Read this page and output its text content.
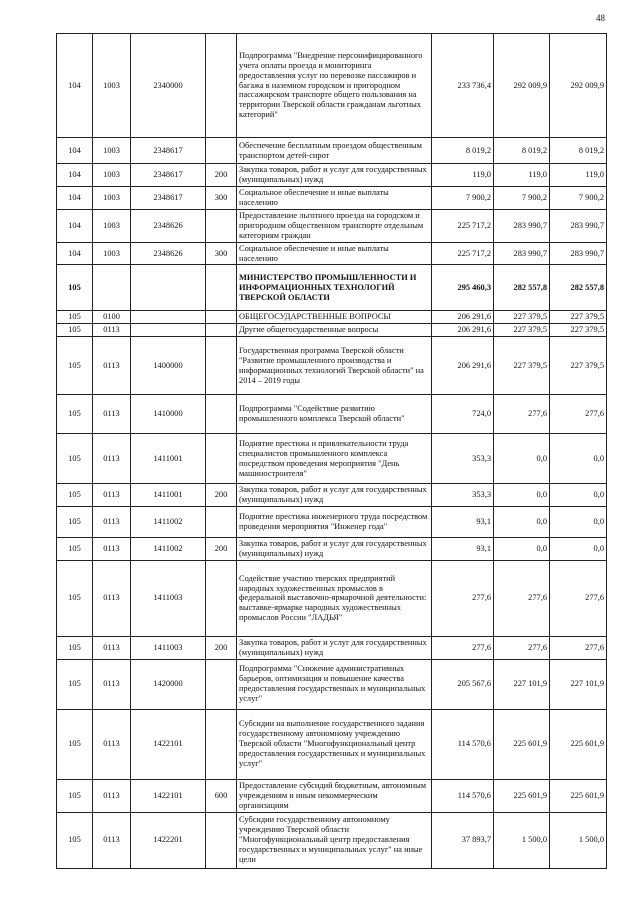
48
104	1003	2340000		Подпрограмма "Внедрение персонифицированного учета оплаты проезда и мониторинга предоставления услуг по перевозке пассажиров и багажа в наземном городском и пригородном пассажирском транспорте общего пользования на территории Тверской области гражданам льготных категорий"	233 736,4	292 009,9	292 009,9
104	1003	2348617		Обеспечение бесплатным проездом общественным транспортом детей-сирот	8 019,2	8 019,2	8 019,2
104	1003	2348617	200	Закупка товаров, работ и услуг для государственных (муниципальных) нужд	119,0	119,0	119,0
104	1003	2348617	300	Социальное обеспечение и иные выплаты населению	7 900,2	7 900,2	7 900,2
104	1003	2348626		Предоставление льготного проезда на городском и пригородном общественном транспорте отдельным категориям граждан	225 717,2	283 990,7	283 990,7
104	1003	2348626	300	Социальное обеспечение и иные выплаты населению	225 717,2	283 990,7	283 990,7
105				МИНИСТЕРСТВО ПРОМЫШЛЕННОСТИ И ИНФОРМАЦИОННЫХ ТЕХНОЛОГИЙ ТВЕРСКОЙ ОБЛАСТИ	295 460,3	282 557,8	282 557,8
105	0100			ОБЩЕГОСУДАРСТВЕННЫЕ ВОПРОСЫ	206 291,6	227 379,5	227 379,5
105	0113			Другие общегосударственные вопросы	206 291,6	227 379,5	227 379,5
105	0113	1400000		Государственная программа Тверской области "Развитие промышленного производства и информационных технологий Тверской области" на 2014 – 2019 годы	206 291,6	227 379,5	227 379,5
105	0113	1410000		Подпрограмма "Содействие развитию промышленного комплекса Тверской области"	724,0	277,6	277,6
105	0113	1411001		Поднятие престижа и привлекательности труда специалистов промышленного комплекса посредством проведения мероприятия "День машиностроителя"	353,3	0,0	0,0
105	0113	1411001	200	Закупка товаров, работ и услуг для государственных (муниципальных) нужд	353,3	0,0	0,0
105	0113	1411002		Поднятие престижа инженерного труда посредством проведения мероприятия "Инженер года"	93,1	0,0	0,0
105	0113	1411002	200	Закупка товаров, работ и услуг для государственных (муниципальных) нужд	93,1	0,0	0,0
105	0113	1411003		Содействие участию тверских предприятий народных художественных промыслов в федеральной выставочно-ярмарочной деятельности: выставке-ярмарке народных художественных промыслов России "ЛАДЬЯ"	277,6	277,6	277,6
105	0113	1411003	200	Закупка товаров, работ и услуг для государственных (муниципальных) нужд	277,6	277,6	277,6
105	0113	1420000		Подпрограмма "Снижение административных барьеров, оптимизация и повышение качества предоставления государственных и муниципальных услуг"	205 567,6	227 101,9	227 101,9
105	0113	1422101		Субсидии на выполнение государственного задания государственному автономному учреждению Тверской области "Многофункциональный центр предоставления государственных и муниципальных услуг"	114 570,6	225 601,9	225 601,9
105	0113	1422101	600	Предоставление субсидий бюджетным, автономным учреждениям и иным некоммерческим организациям	114 570,6	225 601,9	225 601,9
105	0113	1422201		Субсидии государственному автономному учреждению Тверской области "Многофункциональный центр предоставления государственных и муниципальных услуг" на иные цели	37 893,7	1 500,0	1 500,0
